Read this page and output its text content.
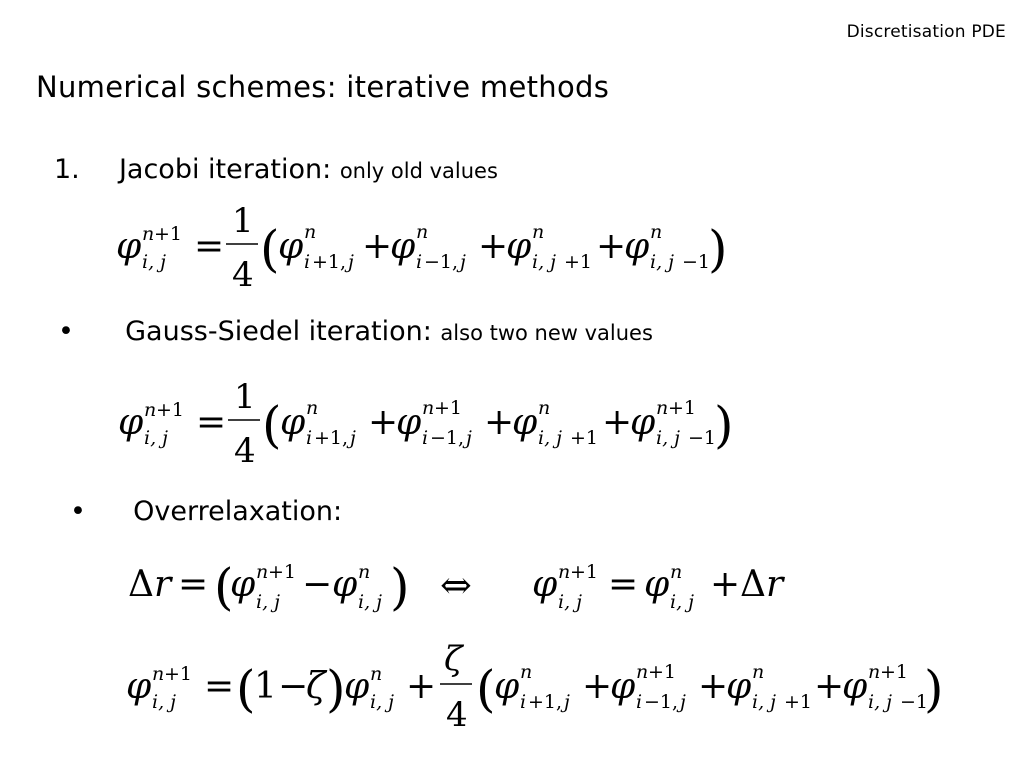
Discretisation PDE
Numerical schemes: iterative methods
1. Jacobi iteration: only old values
φ n +1
i, j =
1
4 (
φ n
i +1, j +
φ n
i −1, j +
φ n
i, j +1 +
φ n
i, j −1
)
• Gauss-Siedel iteration: also two new values
φ n +1
i, j =
1
4 (
φ n
i +1, j +
φ n +1
i −1, j +
φ n
i, j +1 +
φ n +1
i, j −1
)
• Overrelaxation:
Δ r = (
φ n +1
i, j − φ n
i, j ) ⇔ φ n +1
i, j = φ n
i, j + Δ r
φ n +1
i, j = (
1 −
ζ )
φ n
i, j +
ζ
4 (
φ n
i +1, j +
φ n +1
i −1, j +
φ n
i, j +1 +
φ n +1
i, j −1
)
